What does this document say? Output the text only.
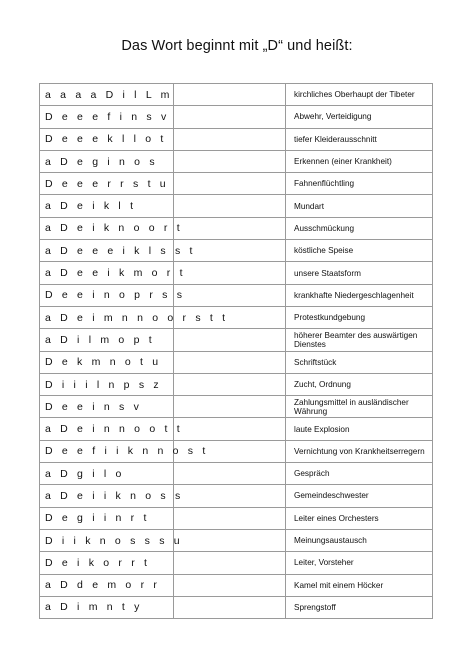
Das Wort beginnt mit „D“ und heißt:
a a a a D i l L m		kirchliches Oberhaupt der Tibeter
D e e e f i n s v		Abwehr, Verteidigung
D e e e k l l o t		tiefer Kleiderausschnitt
a D e g i n o s		Erkennen (einer Krankheit)
D e e e r r s t u		Fahnenflüchtling
a D e i k l t		Mundart
a D e i k n o o r t		Ausschmückung
a D e e e i k l s s t		köstliche Speise
a D e e i k m o r t		unsere Staatsform
D e e i n o p r s s		krankhafte Niedergeschlagenheit
a D e i m n n o o r s t t		Protestkundgebung
a D i l m o p t		höherer Beamter des auswärtigen Dienstes
D e k m n o t u		Schriftstück
D i i i l n p s z		Zucht, Ordnung
D e e i n s v		Zahlungsmittel in ausländischer Währung
a D e i n n o o t t		laute Explosion
D e e f i i k n n o s t		Vernichtung von Krankheitserregern
a D g i l o		Gespräch
a D e i i k n o s s		Gemeindeschwester
D e g i i n r t		Leiter eines Orchesters
D i i k n o s s s u		Meinungsaustausch
D e i k o r r t		Leiter, Vorsteher
a D d e m o r r		Kamel mit einem Höcker
a D i m n t y		Sprengstoff
